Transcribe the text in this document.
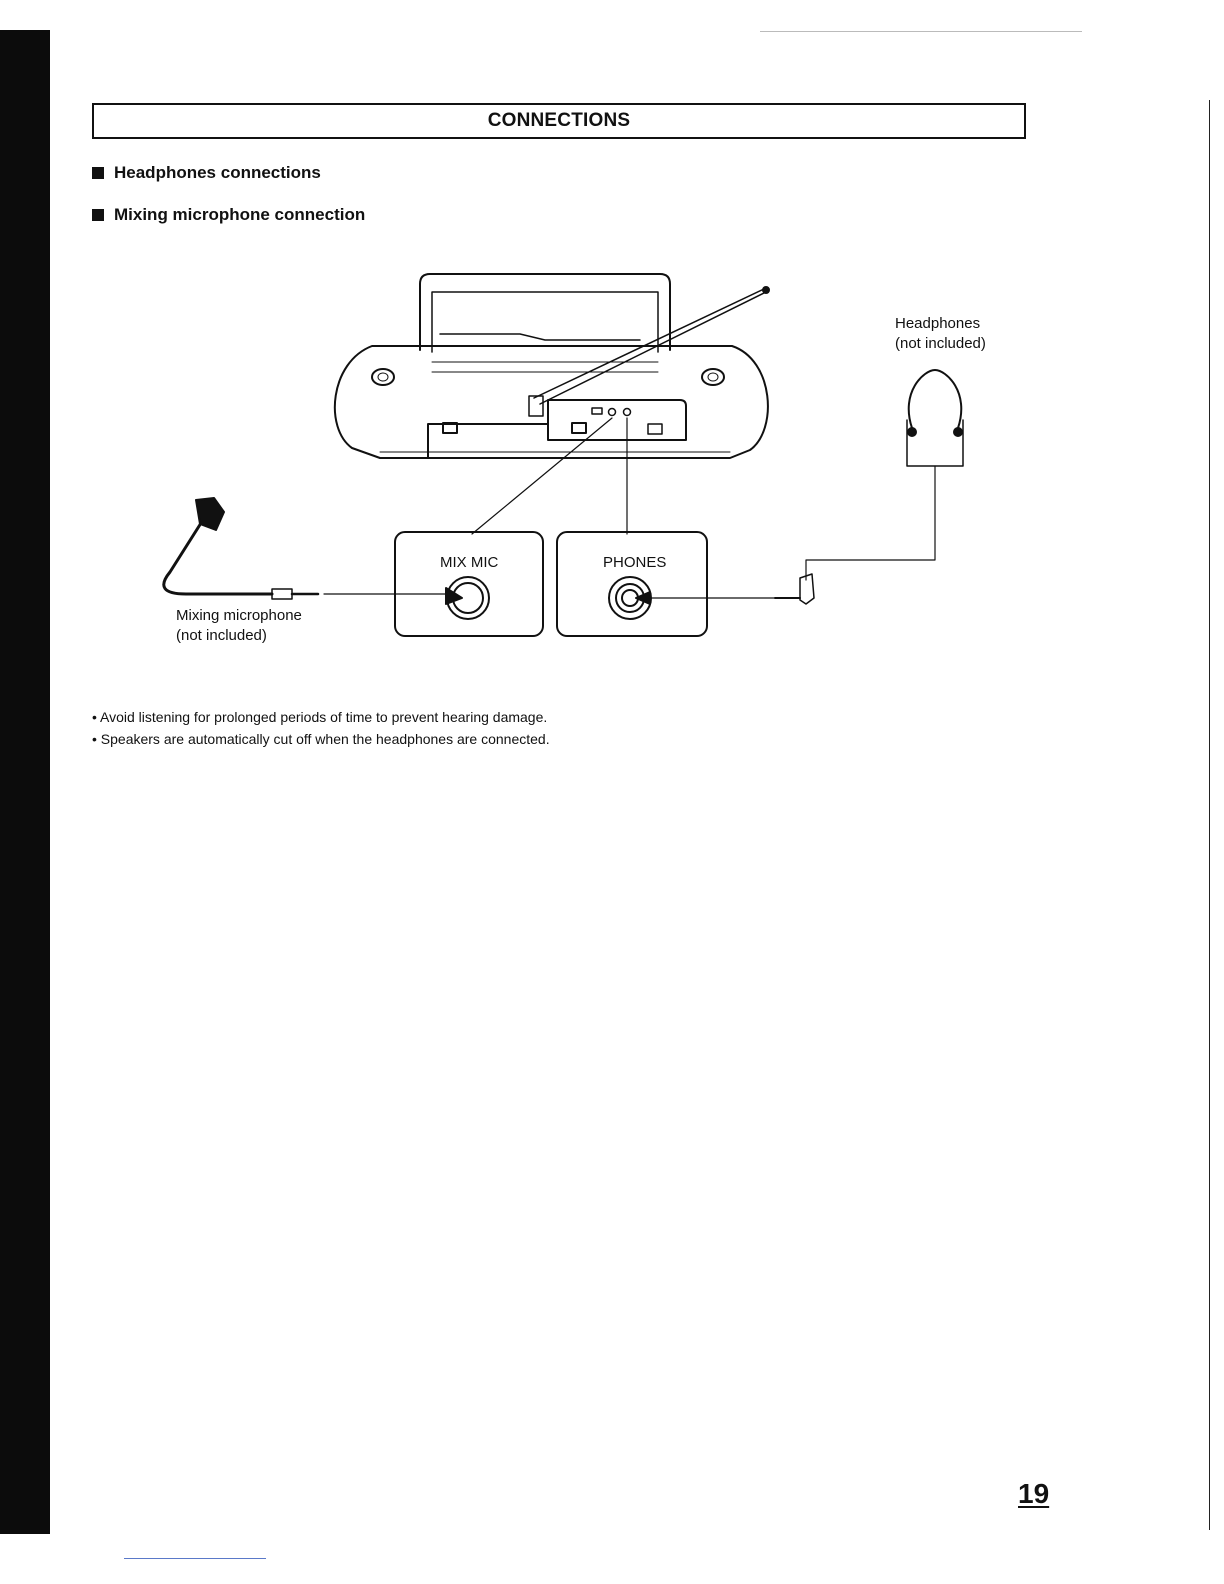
CONNECTIONS
Headphones connections
Mixing microphone connection
MIX MIC	PHONES
Mixing microphone
(not included)
Headphones
(not included)
• Avoid listening for prolonged periods of time to prevent hearing damage.
• Speakers are automatically cut off when the headphones are connected.
19
